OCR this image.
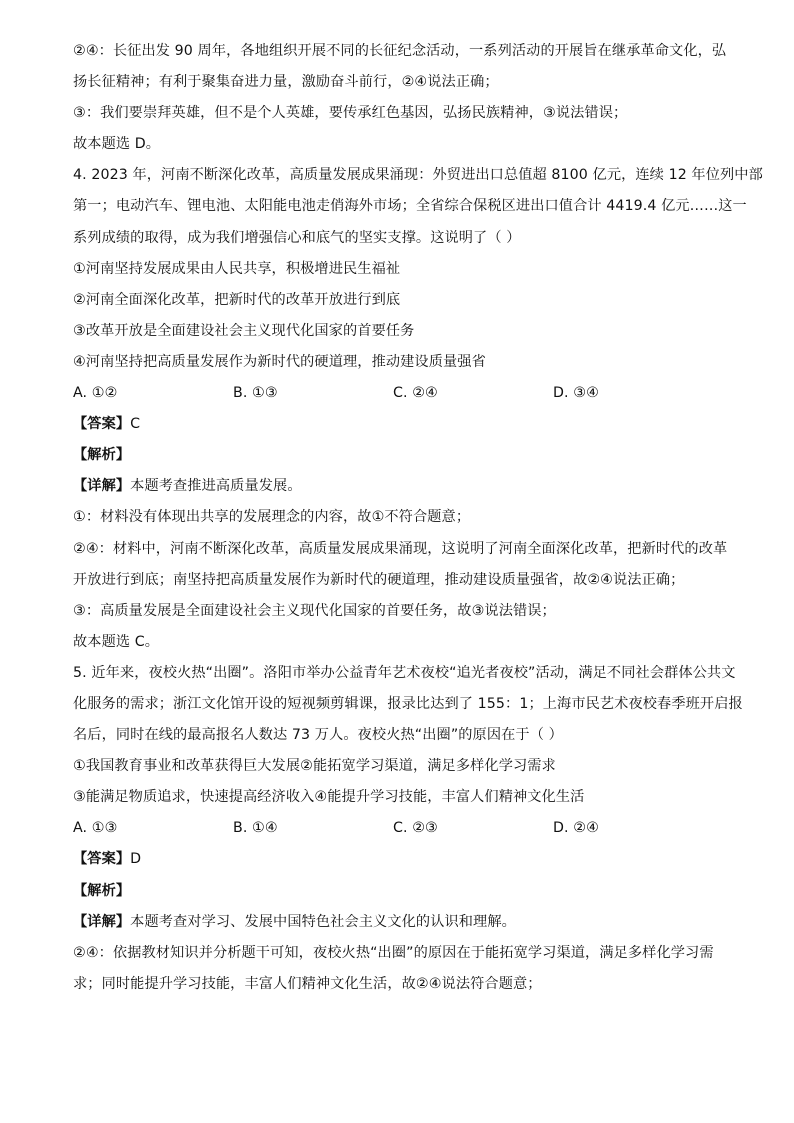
②④：长征出发 90 周年，各地组织开展不同的长征纪念活动，一系列活动的开展旨在继承革命文化，弘
扬长征精神；有利于聚集奋进力量，激励奋斗前行，②④说法正确；
③：我们要崇拜英雄，但不是个人英雄，要传承红色基因，弘扬民族精神，③说法错误；
故本题选 D。
4. 2023 年，河南不断深化改革，高质量发展成果涌现：外贸进出口总值超 8100 亿元，连续 12 年位列中部
第一；电动汽车、锂电池、太阳能电池走俏海外市场；全省综合保税区进出口值合计 4419.4 亿元……这一
系列成绩的取得，成为我们增强信心和底气的坚实支撑。这说明了（ ）
①河南坚持发展成果由人民共享，积极增进民生福祉
②河南全面深化改革，把新时代的改革开放进行到底
③改革开放是全面建设社会主义现代化国家的首要任务
④河南坚持把高质量发展作为新时代的硬道理，推动建设质量强省
A. ①②	B. ①③	C. ②④	D. ③④
【答案】C
【解析】
【详解】本题考查推进高质量发展。
①：材料没有体现出共享的发展理念的内容，故①不符合题意；
②④：材料中，河南不断深化改革，高质量发展成果涌现，这说明了河南全面深化改革，把新时代的改革
开放进行到底；南坚持把高质量发展作为新时代的硬道理，推动建设质量强省，故②④说法正确；
③：高质量发展是全面建设社会主义现代化国家的首要任务，故③说法错误；
故本题选 C。
5. 近年来，夜校火热“出圈”。洛阳市举办公益青年艺术夜校“追光者夜校”活动，满足不同社会群体公共文
化服务的需求；浙江文化馆开设的短视频剪辑课，报录比达到了 155：1；上海市民艺术夜校春季班开启报
名后，同时在线的最高报名人数达 73 万人。夜校火热“出圈”的原因在于（ ）
①我国教育事业和改革获得巨大发展②能拓宽学习渠道，满足多样化学习需求
③能满足物质追求，快速提高经济收入④能提升学习技能，丰富人们精神文化生活
A. ①③	B. ①④	C. ②③	D. ②④
【答案】D
【解析】
【详解】本题考查对学习、发展中国特色社会主义文化的认识和理解。
②④：依据教材知识并分析题干可知，夜校火热“出圈”的原因在于能拓宽学习渠道，满足多样化学习需
求；同时能提升学习技能，丰富人们精神文化生活，故②④说法符合题意；
